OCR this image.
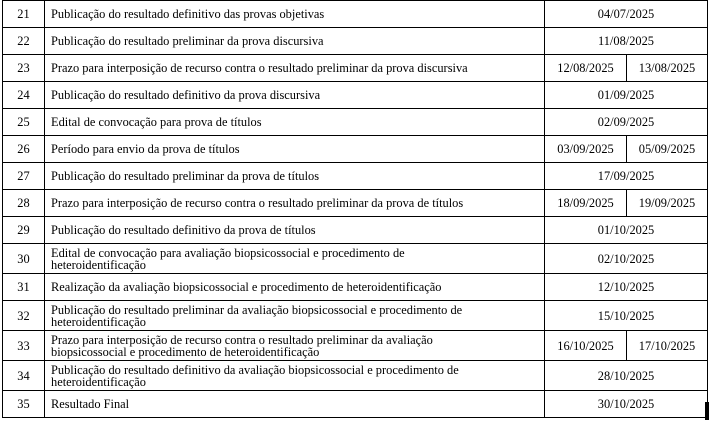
21	Publicação do resultado definitivo das provas objetivas	04/07/2025	
22	Publicação do resultado preliminar da prova discursiva	11/08/2025	
23	Prazo para interposição de recurso contra o resultado preliminar da prova discursiva	12/08/2025	13/08/2025
24	Publicação do resultado definitivo da prova discursiva	01/09/2025	
25	Edital de convocação para prova de títulos	02/09/2025	
26	Período para envio da prova de títulos	03/09/2025	05/09/2025
27	Publicação do resultado preliminar da prova de títulos	17/09/2025	
28	Prazo para interposição de recurso contra o resultado preliminar da prova de títulos	18/09/2025	19/09/2025
29	Publicação do resultado definitivo da prova de títulos	01/10/2025	
30	Edital de convocação para avaliação biopsicossocial e procedimento de
heteroidentificação	02/10/2025	
31	Realização da avaliação biopsicossocial e procedimento de heteroidentificação	12/10/2025	
32	Publicação do resultado preliminar da avaliação biopsicossocial e procedimento de
heteroidentificação	15/10/2025	
33	Prazo para interposição de recurso contra o resultado preliminar da avaliação
biopsicossocial e procedimento de heteroidentificação	16/10/2025	17/10/2025
34	Publicação do resultado definitivo da avaliação biopsicossocial e procedimento de
heteroidentificação	28/10/2025	
35	Resultado Final	30/10/2025	
